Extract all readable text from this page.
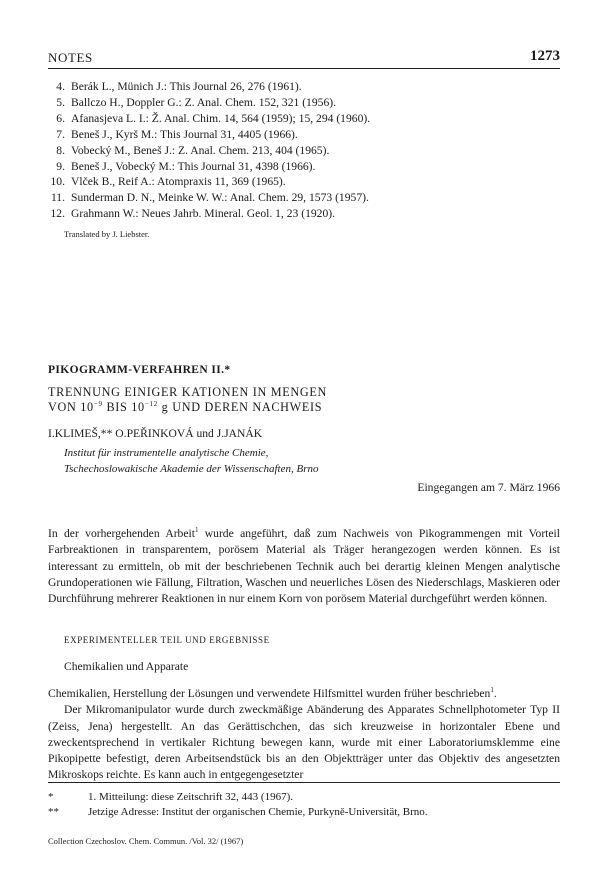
NOTES	1273
4. Berák L., Münich J.: This Journal 26, 276 (1961).
5. Ballczo H., Doppler G.: Z. Anal. Chem. 152, 321 (1956).
6. Afanasjeva L. I.: Ž. Anal. Chim. 14, 564 (1959); 15, 294 (1960).
7. Beneš J., Kyrš M.: This Journal 31, 4405 (1966).
8. Vobecký M., Beneš J.: Z. Anal. Chem. 213, 404 (1965).
9. Beneš J., Vobecký M.: This Journal 31, 4398 (1966).
10. Vlček B., Reif A.: Atompraxis 11, 369 (1965).
11. Sunderman D. N., Meinke W. W.: Anal. Chem. 29, 1573 (1957).
12. Grahmann W.: Neues Jahrb. Mineral. Geol. 1, 23 (1920).
Translated by J. Liebster.
PIKOGRAMM-VERFAHREN II.*
TRENNUNG EINIGER KATIONEN IN MENGEN
VON $10^{-9}$ BIS $10^{-12}$ g UND DEREN NACHWEIS
I.KLIMEŠ,** O.PEŘINKOVÁ und J.JANÁK
Institut für instrumentelle analytische Chemie,
Tschechoslowakische Akademie der Wissenschaften, Brno
Eingegangen am 7. März 1966

In der vorhergehenden Arbeit$^1$ wurde angeführt, daß zum Nachweis von Pikogrammengen mit Vorteil Farbreaktionen in transparentem, porösem Material als Träger herangezogen werden können. Es ist interessant zu ermitteln, ob mit der beschriebenen Technik auch bei derartig kleinen Mengen analytische Grundoperationen wie Fällung, Filtration, Waschen und neuerliches Lösen des Niederschlags, Maskieren oder Durchführung mehrerer Reaktionen in nur einem Korn von porösem Material durchgeführt werden können.

EXPERIMENTELLER TEIL UND ERGEBNISSE
Chemikalien und Apparate

Chemikalien, Herstellung der Lösungen und verwendete Hilfsmittel wurden früher beschrieben$^1$.

Der Mikromanipulator wurde durch zweckmäßige Abänderung des Apparates Schnellphotometer Typ II (Zeiss, Jena) hergestellt. An das Gerättischchen, das sich kreuzweise in horizontaler Ebene und zweckentsprechend in vertikaler Richtung bewegen kann, wurde mit einer Laboratoriumsklemme eine Pikopipette befestigt, deren Arbeitsendstück bis an den Objektträger unter das Objektiv des angesetzten Mikroskops reichte. Es kann auch in entgegengesetzter

*	1. Mitteilung: diese Zeitschrift 32, 443 (1967).
**	Jetzige Adresse: Institut der organischen Chemie, Purkyně-Universität, Brno.
Collection Czechoslov. Chem. Commun. /Vol. 32/ (1967)
